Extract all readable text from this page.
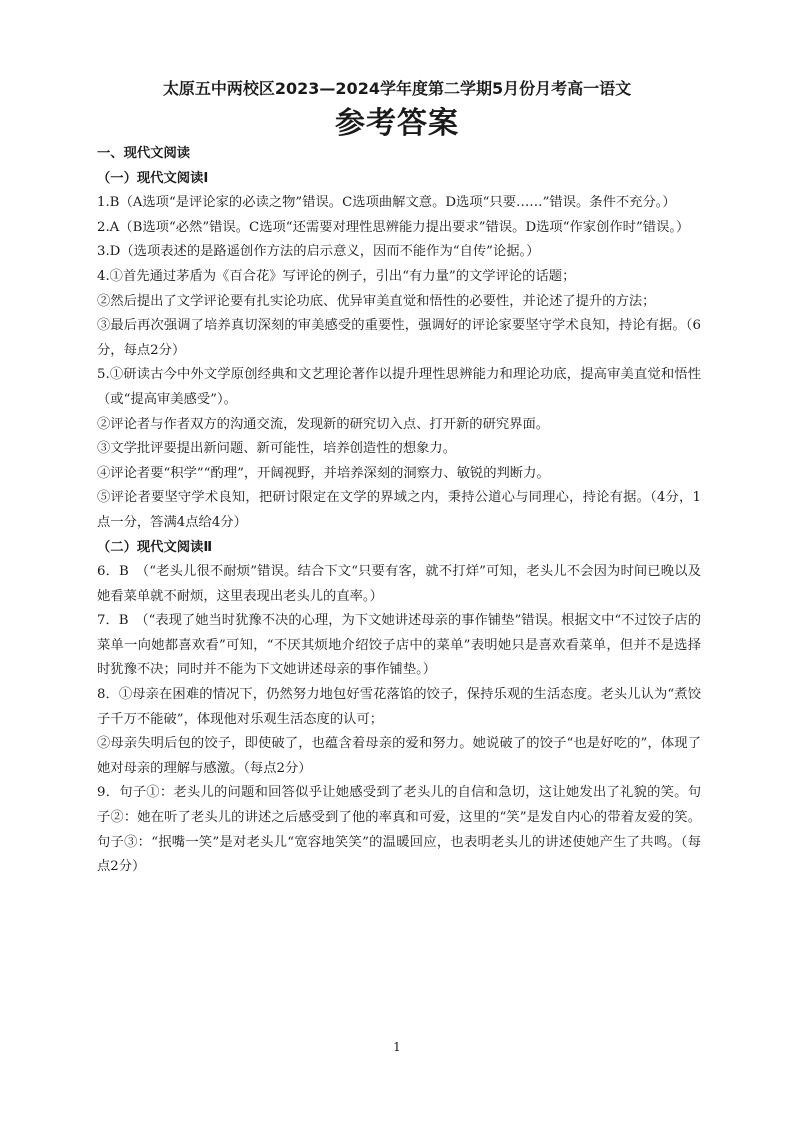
太原五中两校区2023—2024学年度第二学期5月份月考高一语文
参考答案

一、现代文阅读

（一）现代文阅读Ⅰ

1.B（A选项“是评论家的必读之物”错误。C选项曲解文意。D选项“只要……”错误。条件不充分。）

2.A（B选项“必然”错误。C选项“还需要对理性思辨能力提出要求”错误。D选项“作家创作时”错误。）

3.D（选项表述的是路遥创作方法的启示意义，因而不能作为“自传”论据。）

4.①首先通过茅盾为《百合花》写评论的例子，引出“有力量”的文学评论的话题；

②然后提出了文学评论要有扎实论功底、优异审美直觉和悟性的必要性，并论述了提升的方法；

③最后再次强调了培养真切深刻的审美感受的重要性，强调好的评论家要坚守学术良知，持论有据。（6分，每点2分）

5.①研读古今中外文学原创经典和文艺理论著作以提升理性思辨能力和理论功底，提高审美直觉和悟性（或“提高审美感受”）。

②评论者与作者双方的沟通交流，发现新的研究切入点、打开新的研究界面。

③文学批评要提出新问题、新可能性，培养创造性的想象力。

④评论者要“积学”“酌理”，开阔视野，并培养深刻的洞察力、敏锐的判断力。

⑤评论者要坚守学术良知，把研讨限定在文学的界域之内，秉持公道心与同理心，持论有据。（4分，1点一分，答满4点给4分）

（二）现代文阅读Ⅱ

6．B　（“老头儿很不耐烦”错误。结合下文“只要有客，就不打烊”可知，老头儿不会因为时间已晚以及她看菜单就不耐烦，这里表现出老头儿的直率。）

7．B　（“表现了她当时犹豫不决的心理，为下文她讲述母亲的事作铺垫”错误。根据文中“不过饺子店的菜单一向她都喜欢看”可知，“不厌其烦地介绍饺子店中的菜单”表明她只是喜欢看菜单，但并不是选择时犹豫不决；同时并不能为下文她讲述母亲的事作铺垫。）

8．①母亲在困难的情况下，仍然努力地包好雪花落馅的饺子，保持乐观的生活态度。老头儿认为“煮饺子千万不能破”，体现他对乐观生活态度的认可；

②母亲失明后包的饺子，即使破了，也蕴含着母亲的爱和努力。她说破了的饺子“也是好吃的”，体现了她对母亲的理解与感激。（每点2分）

9．句子①：老头儿的问题和回答似乎让她感受到了老头儿的自信和急切，这让她发出了礼貌的笑。句子②：她在听了老头儿的讲述之后感受到了他的率真和可爱，这里的“笑”是发自内心的带着友爱的笑。句子③：“抿嘴一笑”是对老头儿“宽容地笑笑”的温暖回应，也表明老头儿的讲述使她产生了共鸣。（每点2分）

1
